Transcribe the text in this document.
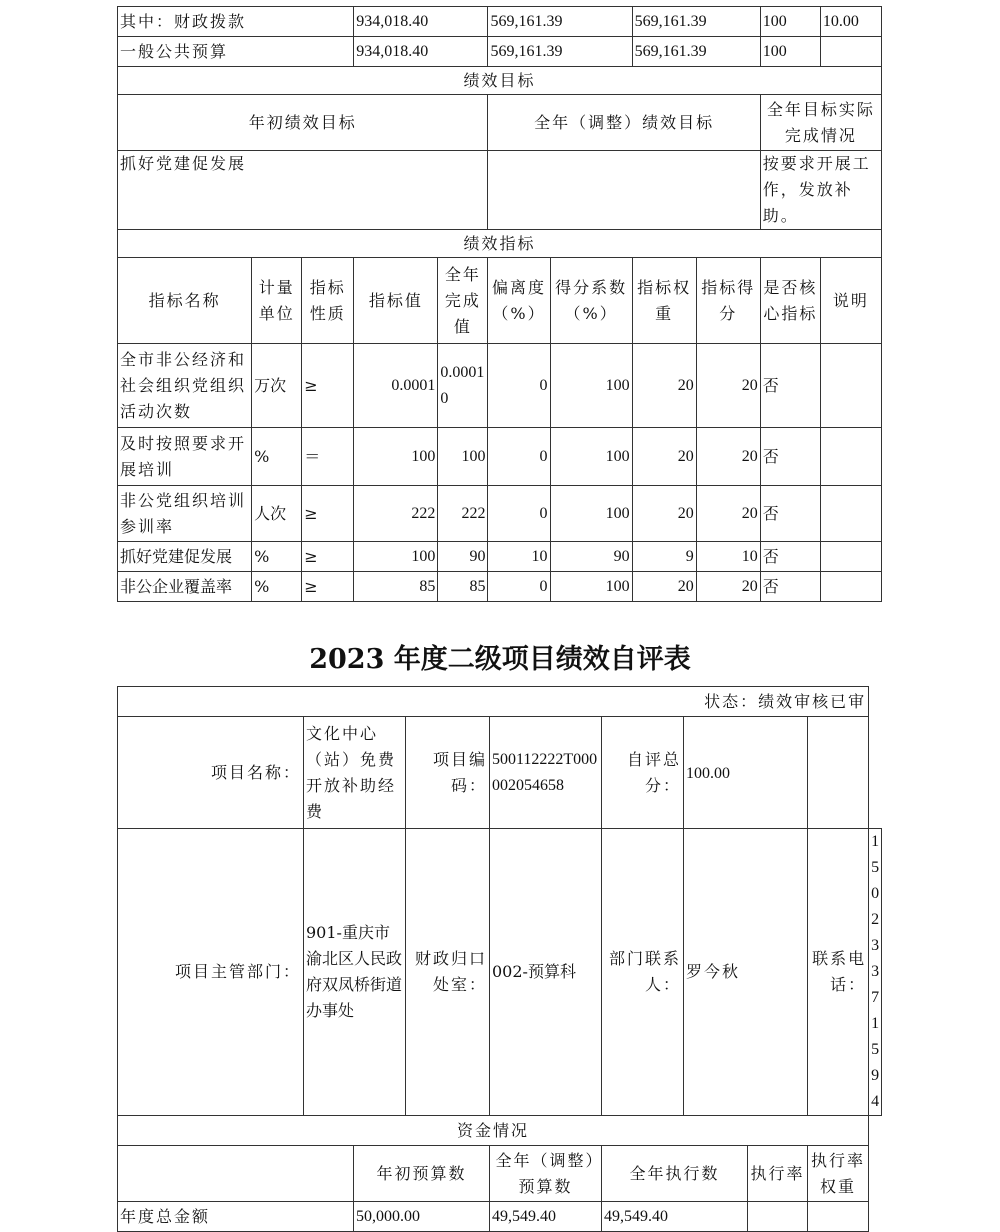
其中：财政拨款			934,018.40		569,161.39		569,161.39		100	10.00
一般公共预算			934,018.40		569,161.39		569,161.39		100	
绩效目标										
年初绩效目标					全年（调整）绩效目标				全年目标实际完成情况	
抓好党建促发展									按要求开展工作，发放补助。	
绩效指标										
指标名称	计量单位	指标性质	指标值	全年完成值	偏离度（%）	得分系数（%）	指标权重	指标得分	是否核心指标	说明
全市非公经济和社会组织党组织活动次数	万次	≥	0.0001	0.00010	0	100	20	20	否	
及时按照要求开展培训	%	＝	100	100	0	100	20	20	否	
非公党组织培训参训率	人次	≥	222	222	0	100	20	20	否	
抓好党建促发展	%	≥	100	90	10	90	9	10	否	
非公企业覆盖率	%	≥	85	85	0	100	20	20	否	
2023 年度二级项目绩效自评表
状态：绩效审核已审									
项目名称：	文化中心（站）免费开放补助经费		项目编码：	500112222T000002054658	自评总分：	100.00			
项目主管部门：	901-重庆市渝北区人民政府双凤桥街道办事处		财政归口处室：	002-预算科	部门联系人：	罗今秋		联系电话：	15023371594
资金情况									
		年初预算数		全年（调整）预算数	全年执行数		执行率	执行率权重	
年度总金额		50,000.00		49,549.40	49,549.40				
